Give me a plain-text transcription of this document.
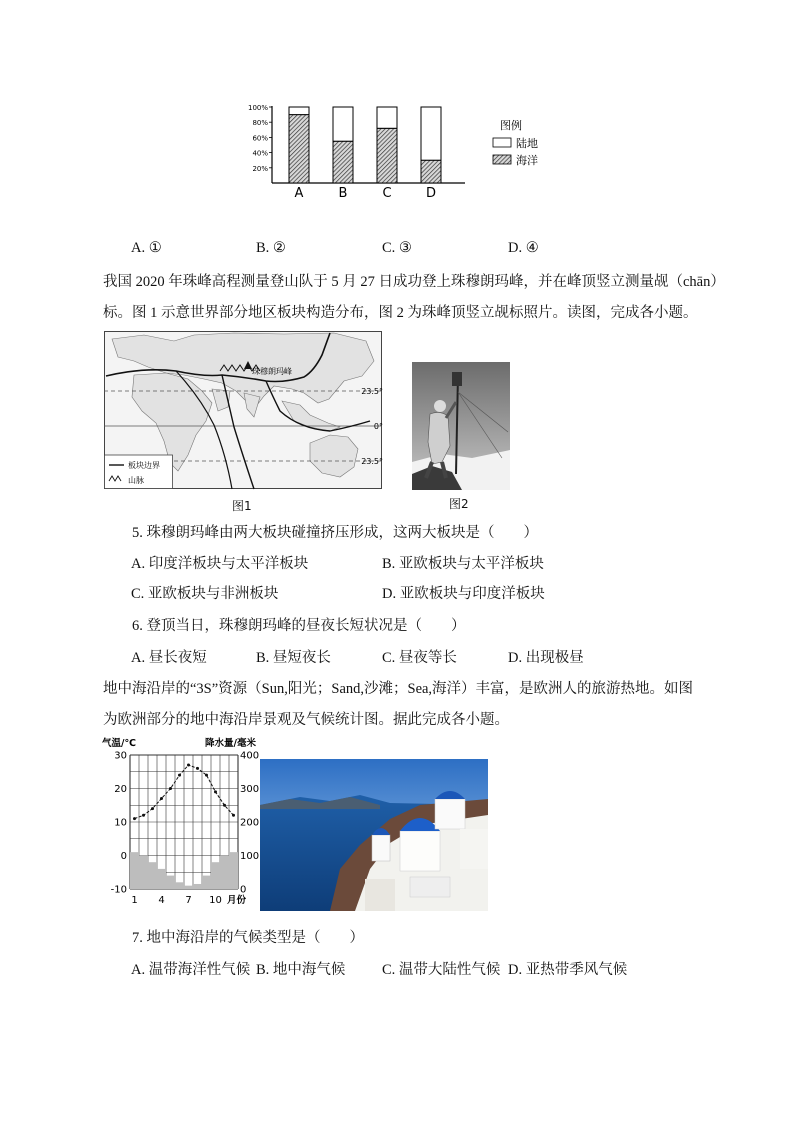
100%
80%
60%
40%
20%
A	B	C	D
图例
陆地
海洋
A. ①	B. ②	C. ③	D. ④
我国 2020 年珠峰高程测量登山队于 5 月 27 日成功登上珠穆朗玛峰，并在峰顶竖立测量觇（chān）
标。图 1 示意世界部分地区板块构造分布，图 2 为珠峰顶竖立觇标照片。读图，完成各小题。
23.5°
0°
23.5°
珠穆朗玛峰
板块边界
山脉
图1	图2
5. 珠穆朗玛峰由两大板块碰撞挤压形成，这两大板块是（　　）
A. 印度洋板块与太平洋板块	B. 亚欧板块与太平洋板块
C. 亚欧板块与非洲板块	D. 亚欧板块与印度洋板块
6. 登顶当日，珠穆朗玛峰的昼夜长短状况是（　　）
A. 昼长夜短	B. 昼短夜长	C. 昼夜等长	D. 出现极昼
地中海沿岸的“3S”资源（Sun,阳光；Sand,沙滩；Sea,海洋）丰富，是欧洲人的旅游热地。如图
为欧洲部分的地中海沿岸景观及气候统计图。据此完成各小题。
气温/℃	降水量/毫米
30
20
10
0
-10
400
300
200
100
0
1 4 7 10 月份
7. 地中海沿岸的气候类型是（　　）
A. 温带海洋性气候 B. 地中海气候	C. 温带大陆性气候 D. 亚热带季风气候
